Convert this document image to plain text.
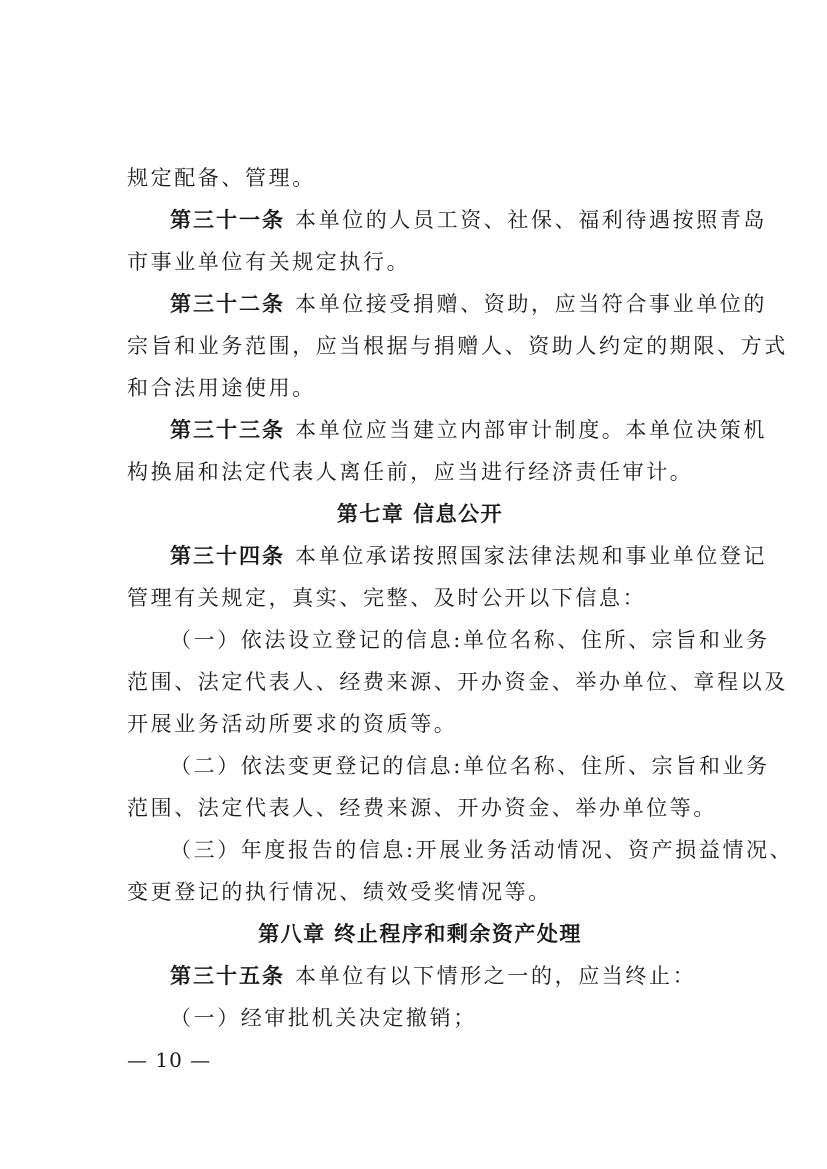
规定配备、管理。
第三十一条 本单位的人员工资、社保、福利待遇按照青岛
市事业单位有关规定执行。
第三十二条 本单位接受捐赠、资助，应当符合事业单位的
宗旨和业务范围，应当根据与捐赠人、资助人约定的期限、方式
和合法用途使用。
第三十三条 本单位应当建立内部审计制度。本单位决策机
构换届和法定代表人离任前，应当进行经济责任审计。
第七章 信息公开
第三十四条 本单位承诺按照国家法律法规和事业单位登记
管理有关规定，真实、完整、及时公开以下信息：
（一）依法设立登记的信息:单位名称、住所、宗旨和业务
范围、法定代表人、经费来源、开办资金、举办单位、章程以及
开展业务活动所要求的资质等。
（二）依法变更登记的信息:单位名称、住所、宗旨和业务
范围、法定代表人、经费来源、开办资金、举办单位等。
（三）年度报告的信息:开展业务活动情况、资产损益情况、
变更登记的执行情况、绩效受奖情况等。
第八章 终止程序和剩余资产处理
第三十五条 本单位有以下情形之一的，应当终止：
（一）经审批机关决定撤销；
— 10 —
